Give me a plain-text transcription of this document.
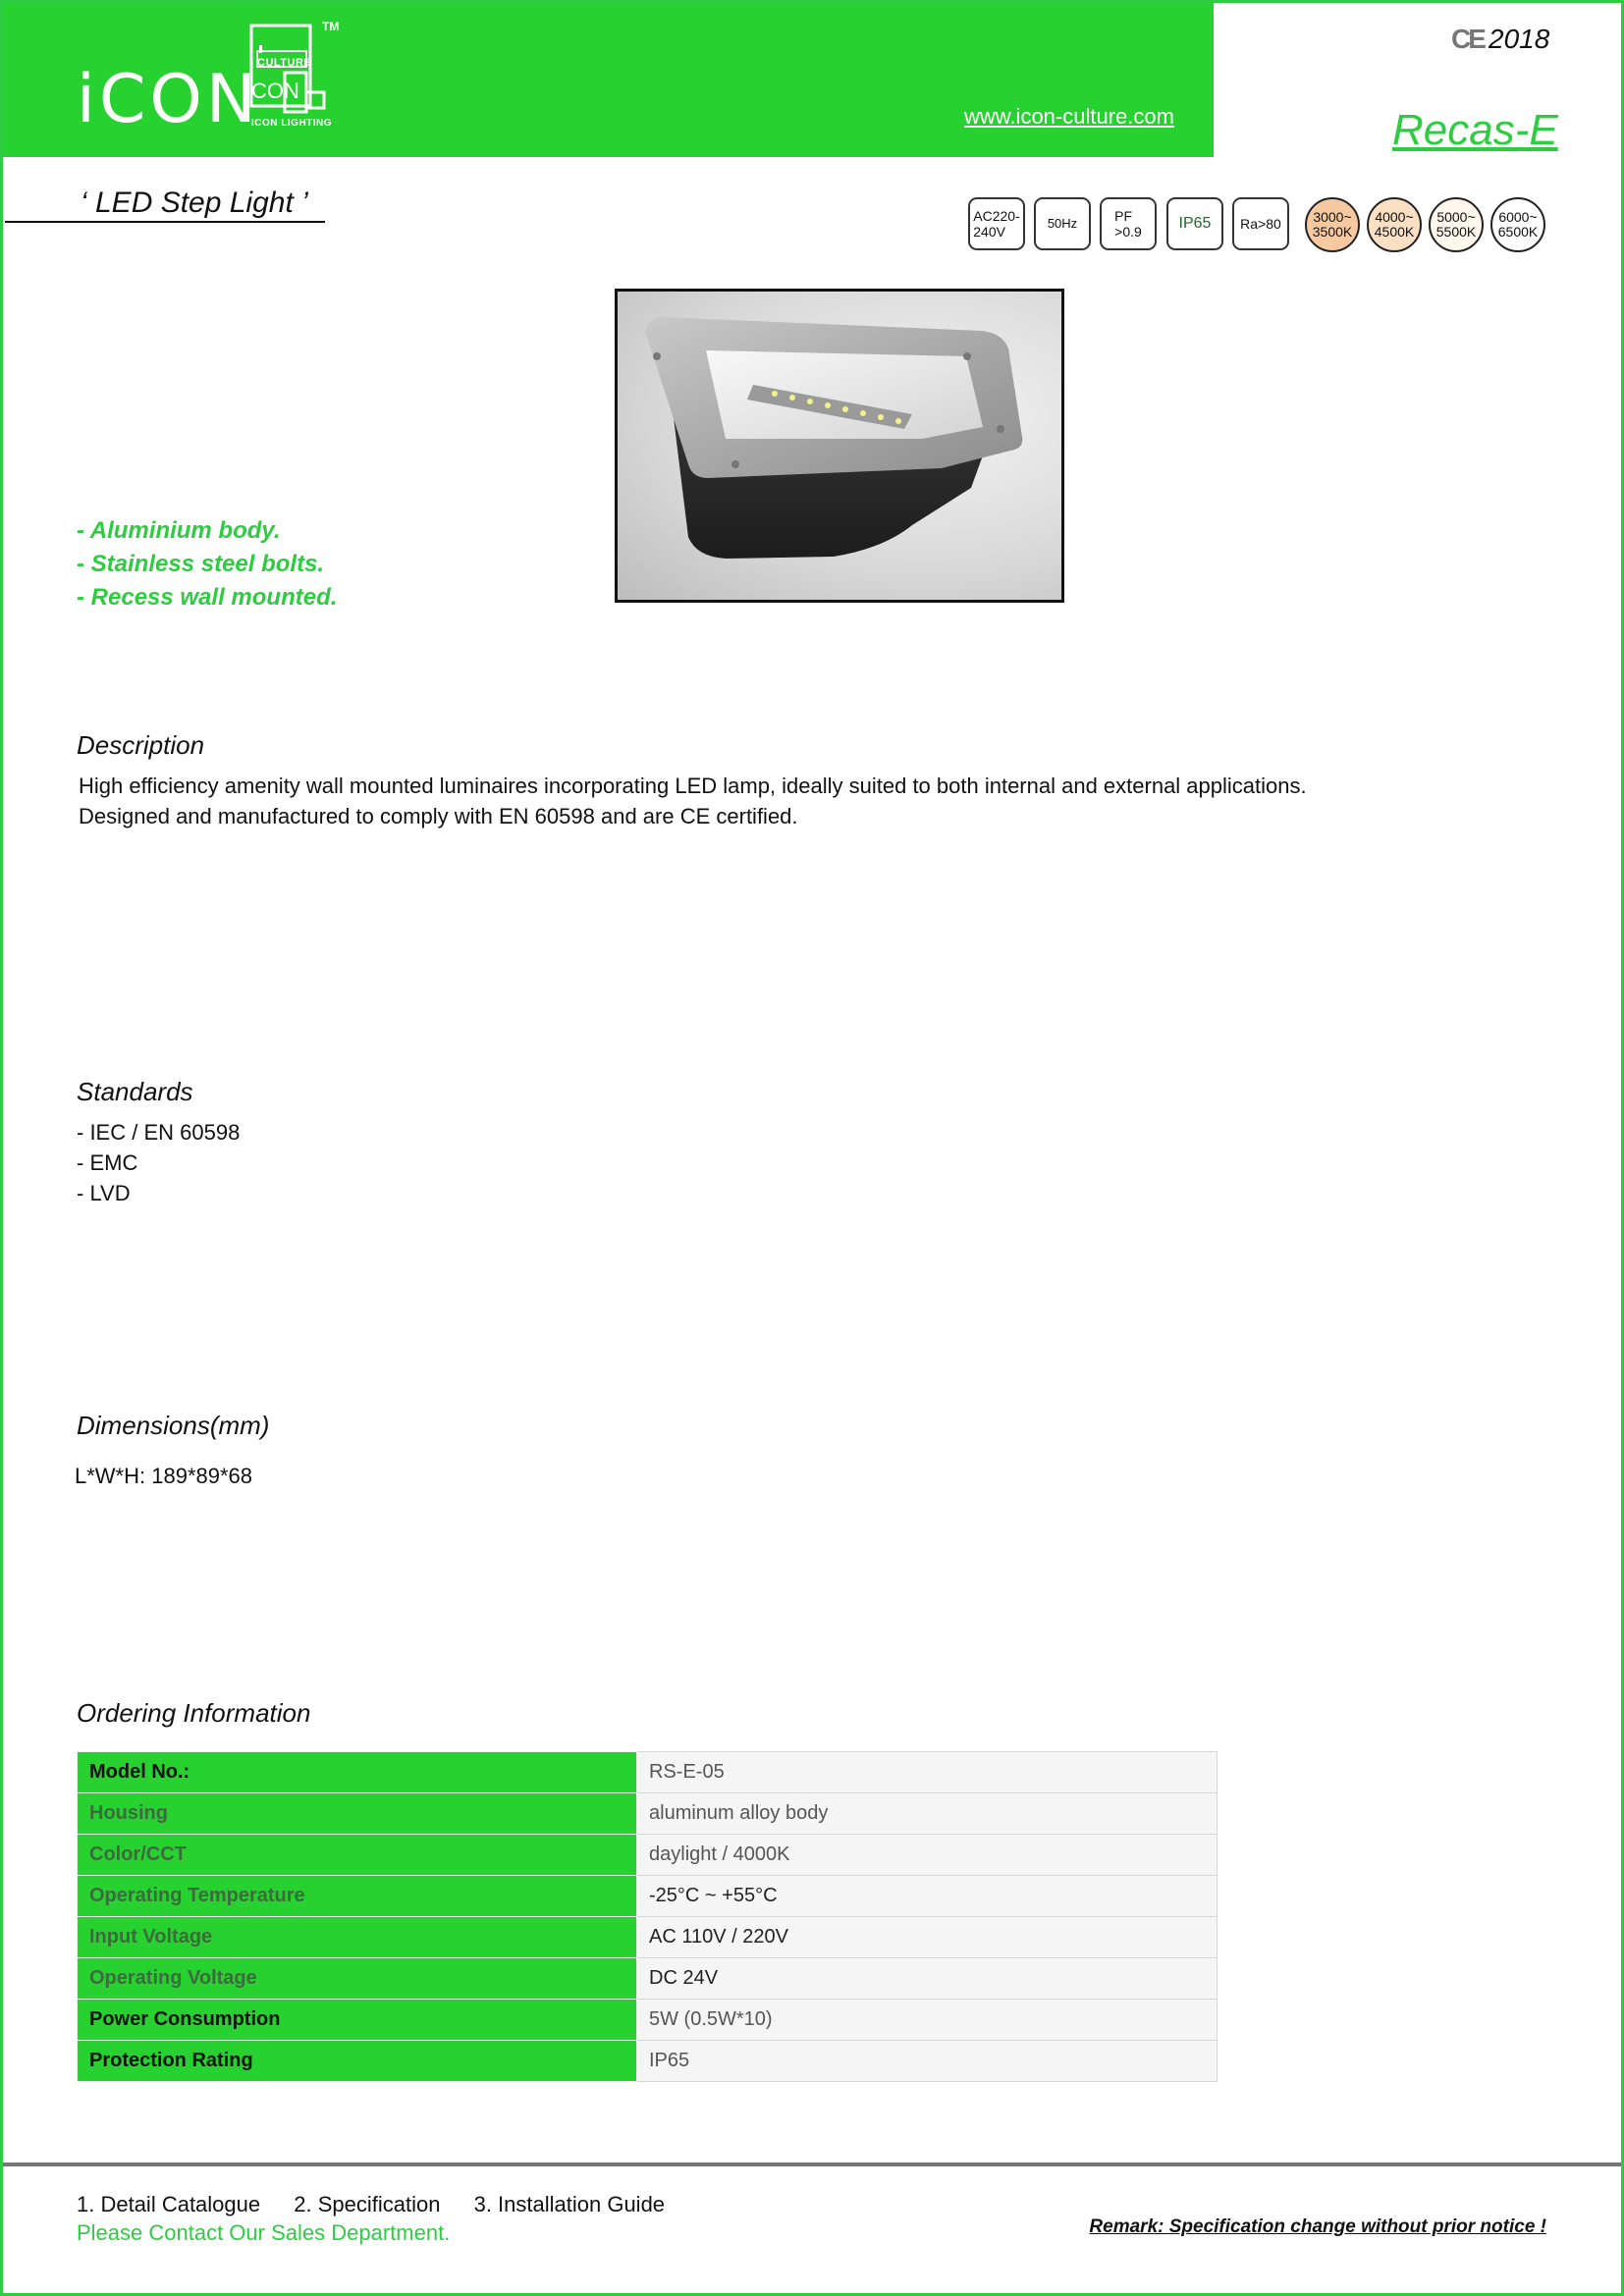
iCON
TM
CULTURE
CON
ICON LIGHTING	www.icon-culture.com
CE 2018
Recas-E
‘ LED Step Light ’	AC220-
240V
50Hz	PF
>0.9 IP65 Ra>80 3000~
3500K
4000~
4500K
5000~
5500K
6000~
6500K
- Aluminium body.
- Stainless steel bolts.
- Recess wall mounted.
Description
High efficiency amenity wall mounted luminaires incorporating LED lamp, ideally suited to both internal and external applications.
Designed and manufactured to comply with EN 60598 and are CE certified.
Standards
- IEC / EN 60598
- EMC
- LVD
Dimensions(mm)
L*W*H: 189*89*68
Ordering Information
Model No.:	RS-E-05
Housing	aluminum alloy body
Color/CCT	daylight / 4000K
Operating Temperature	-25°C ~ +55°C
Input Voltage	AC 110V / 220V
Operating Voltage	DC 24V
Power Consumption	5W (0.5W*10)
Protection Rating	IP65
1. Detail Catalogue 2. Specification 3. Installation Guide
Please Contact Our Sales Department.	Remark: Specification change without prior notice !
